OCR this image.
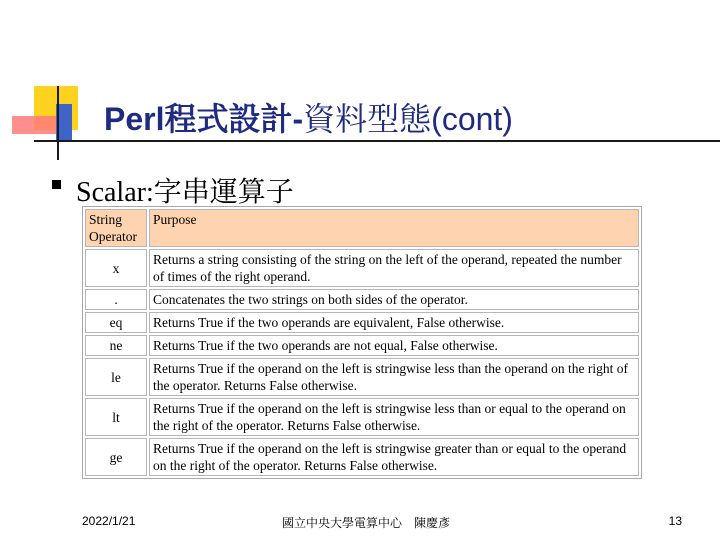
Perl程式設計-資料型態(cont)
Scalar:字串運算子
String Operator	Purpose
x	Returns a string consisting of the string on the left of the operand, repeated the number of times of the right operand.
.	Concatenates the two strings on both sides of the operator.
eq	Returns True if the two operands are equivalent, False otherwise.
ne	Returns True if the two operands are not equal, False otherwise.
le	Returns True if the operand on the left is stringwise less than the operand on the right of the operator. Returns False otherwise.
lt	Returns True if the operand on the left is stringwise less than or equal to the operand on the right of the operator. Returns False otherwise.
ge	Returns True if the operand on the left is stringwise greater than or equal to the operand on the right of the operator. Returns False otherwise.
2022/1/21	國立中央大學電算中心　陳慶彥	13
